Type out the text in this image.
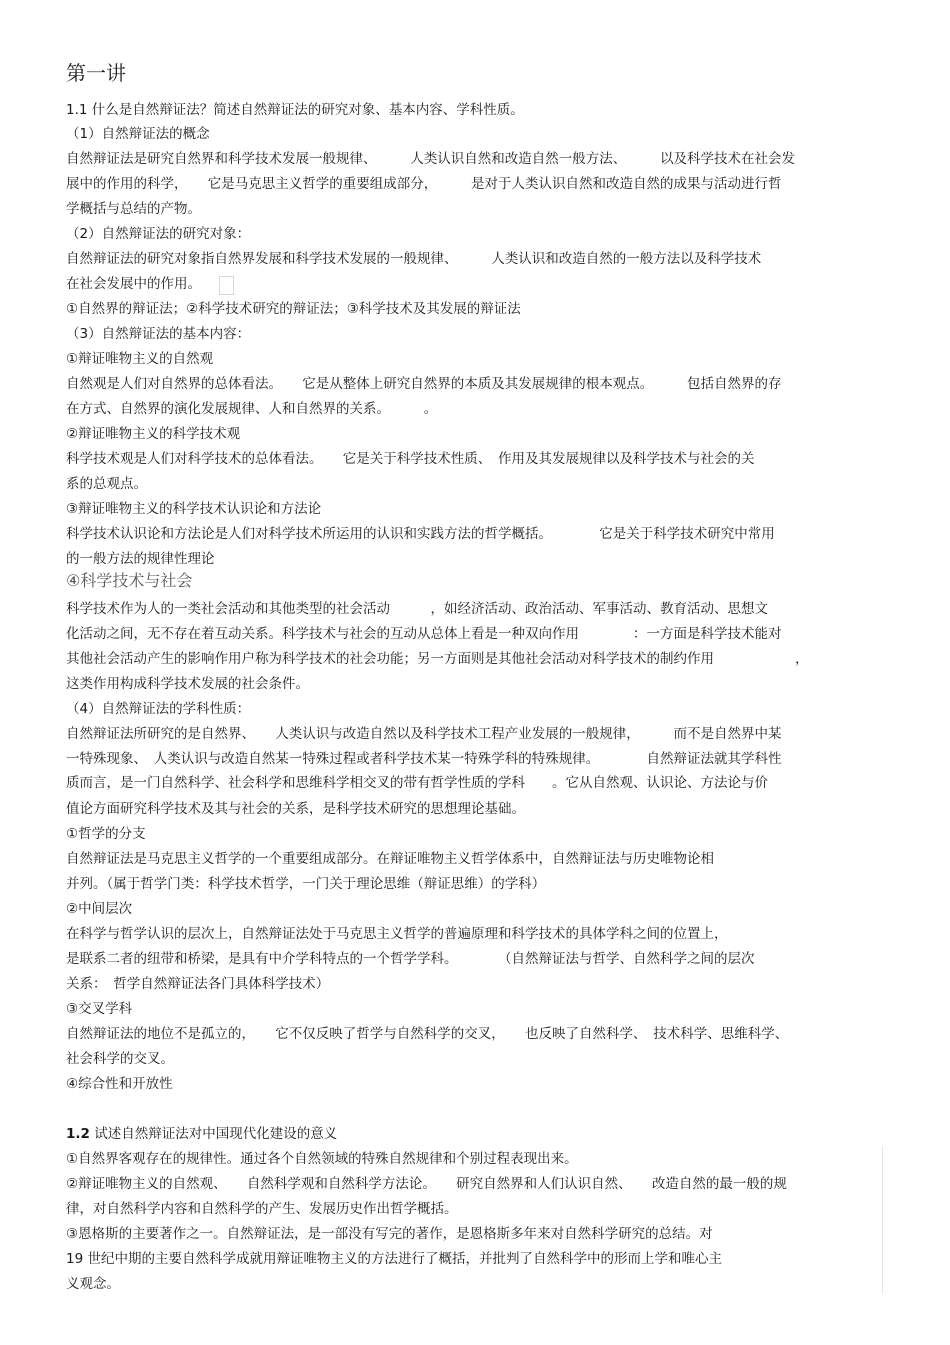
第一讲

1.1 什么是自然辩证法？简述自然辩证法的研究对象、基本内容、学科性质。

（1）自然辩证法的概念

自然辩证法是研究自然界和科学技术发展一般规律、　　　人类认识自然和改造自然一般方法、　　　以及科学技术在社会发

展中的作用的科学，　　它是马克思主义哲学的重要组成部分，　　　是对于人类认识自然和改造自然的成果与活动进行哲

学概括与总结的产物。

（2）自然辩证法的研究对象：

自然辩证法的研究对象指自然界发展和科学技术发展的一般规律、　　　人类认识和改造自然的一般方法以及科学技术

在社会发展中的作用。

①自然界的辩证法；②科学技术研究的辩证法；③科学技术及其发展的辩证法

（3）自然辩证法的基本内容：

①辩证唯物主义的自然观

自然观是人们对自然界的总体看法。　　它是从整体上研究自然界的本质及其发展规律的根本观点。　　　包括自然界的存

在方式、自然界的演化发展规律、人和自然界的关系。　　　。

②辩证唯物主义的科学技术观

科学技术观是人们对科学技术的总体看法。　　它是关于科学技术性质、　作用及其发展规律以及科学技术与社会的关

系的总观点。

③辩证唯物主义的科学技术认识论和方法论

科学技术认识论和方法论是人们对科学技术所运用的认识和实践方法的哲学概括。　　　　它是关于科学技术研究中常用

的一般方法的规律性理论

④科学技术与社会

科学技术作为人的一类社会活动和其他类型的社会活动　　　，如经济活动、政治活动、军事活动、教育活动、思想文

化活动之间，无不存在着互动关系。科学技术与社会的互动从总体上看是一种双向作用　　　　：一方面是科学技术能对

其他社会活动产生的影响作用户称为科学技术的社会功能；另一方面则是其他社会活动对科学技术的制约作用　　　　　　，

这类作用构成科学技术发展的社会条件。

（4）自然辩证法的学科性质：

自然辩证法所研究的是自然界、　　人类认识与改造自然以及科学技术工程产业发展的一般规律，　　　而不是自然界中某

一特殊现象、　人类认识与改造自然某一特殊过程或者科学技术某一特殊学科的特殊规律。　　　　自然辩证法就其学科性

质而言，是一门自然科学、社会科学和思维科学相交叉的带有哲学性质的学科　　。它从自然观、认识论、方法论与价

值论方面研究科学技术及其与社会的关系，是科学技术研究的思想理论基础。

①哲学的分支

自然辩证法是马克思主义哲学的一个重要组成部分。在辩证唯物主义哲学体系中，自然辩证法与历史唯物论相

并列。（属于哲学门类：科学技术哲学，一门关于理论思维（辩证思维）的学科）

②中间层次

在科学与哲学认识的层次上，自然辩证法处于马克思主义哲学的普遍原理和科学技术的具体学科之间的位置上，

是联系二者的纽带和桥梁，是具有中介学科特点的一个哲学学科。　　　　（自然辩证法与哲学、自然科学之间的层次

关系：　哲学自然辩证法各门具体科学技术）

③交叉学科

自然辩证法的地位不是孤立的，　　它不仅反映了哲学与自然科学的交叉，　　也反映了自然科学、　技术科学、思维科学、

社会科学的交叉。

④综合性和开放性

1.2 试述自然辩证法对中国现代化建设的意义

①自然界客观存在的规律性。通过各个自然领域的特殊自然规律和个别过程表现出来。

②辩证唯物主义的自然观、　　自然科学观和自然科学方法论。　　研究自然界和人们认识自然、　　改造自然的最一般的规

律，对自然科学内容和自然科学的产生、发展历史作出哲学概括。

③恩格斯的主要著作之一。自然辩证法，是一部没有写完的著作，是恩格斯多年来对自然科学研究的总结。对

19 世纪中期的主要自然科学成就用辩证唯物主义的方法进行了概括，并批判了自然科学中的形而上学和唯心主

义观念。
